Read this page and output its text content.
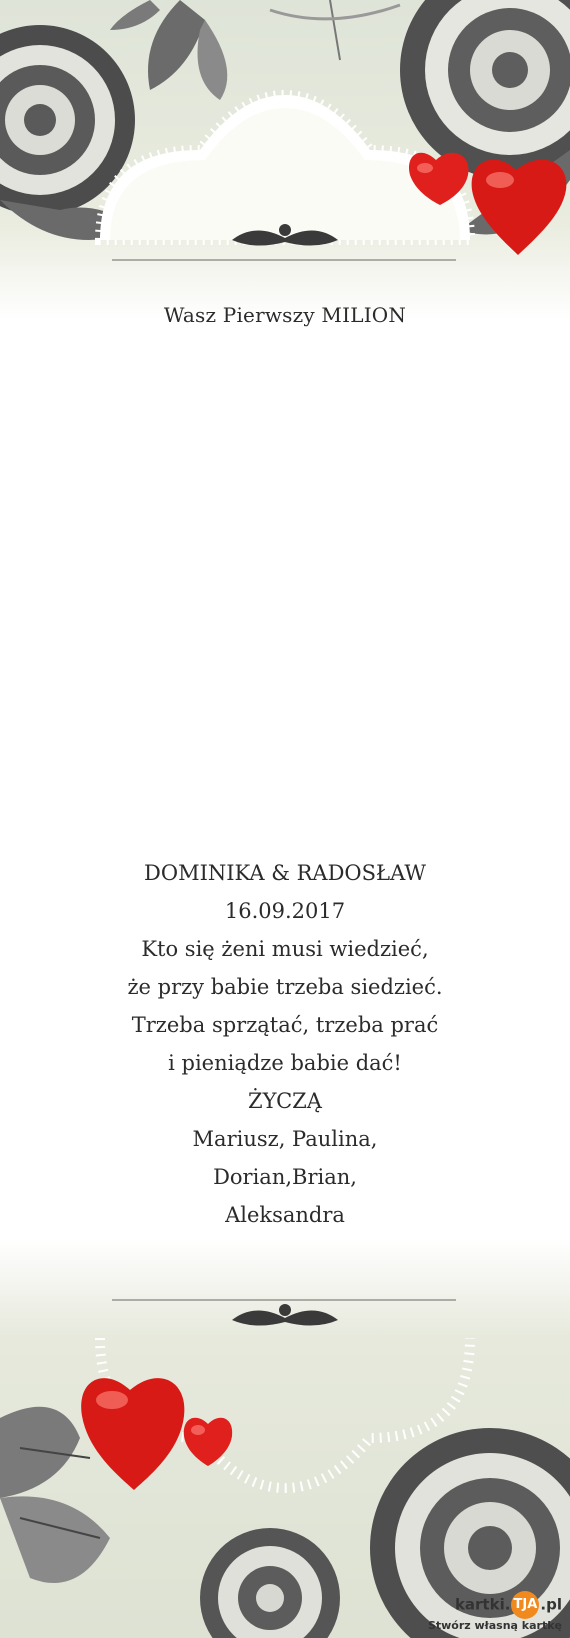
Wasz Pierwszy MILION
DOMINIKA & RADOSŁAW
16.09.2017
Kto się żeni musi wiedzieć,
że przy babie trzeba siedzieć.
Trzeba sprzątać, trzeba prać
i pieniądze babie dać!
ŻYCZĄ
Mariusz, Paulina,
Dorian,Brian,
Aleksandra
kartki. TJA .pl
Stwórz własną kartkę
